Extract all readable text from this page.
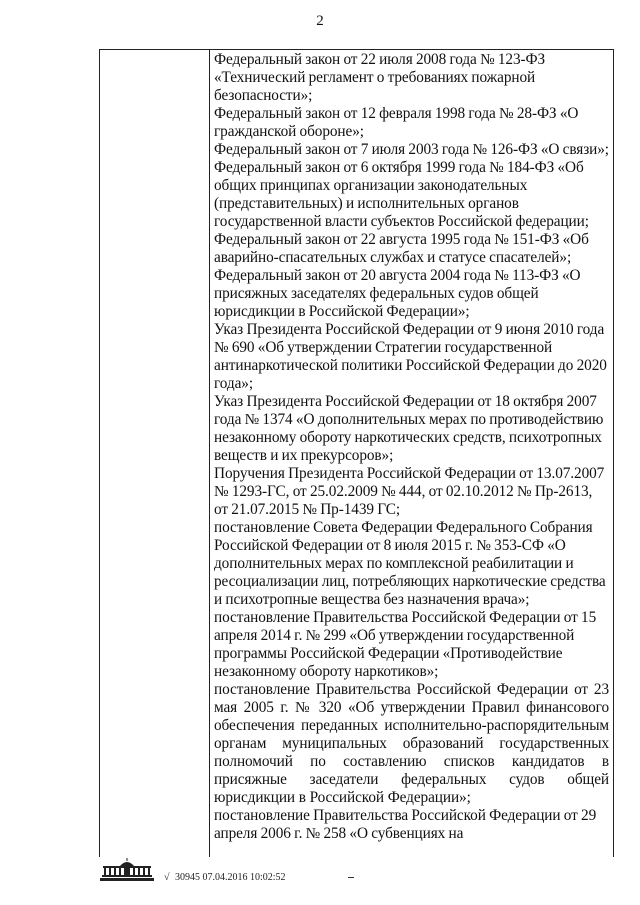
2

Федеральный закон от 22 июля 2008 года № 123-ФЗ «Технический регламент о требованиях пожарной безопасности»;

Федеральный закон от 12 февраля 1998 года № 28-ФЗ «О гражданской обороне»;

Федеральный закон от 7 июля 2003 года № 126-ФЗ «О связи»;

Федеральный закон от 6 октября 1999 года № 184-ФЗ «Об общих принципах организации законодательных (представительных) и исполнительных органов государственной власти субъектов Российской федерации;

Федеральный закон от 22 августа 1995 года № 151-ФЗ «Об аварийно-спасательных службах и статусе спасателей»;

Федеральный закон от 20 августа 2004 года № 113-ФЗ «О присяжных заседателях федеральных судов общей юрисдикции в Российской Федерации»;

Указ Президента Российской Федерации от 9 июня 2010 года № 690 «Об утверждении Стратегии государственной антинаркотической политики Российской Федерации до 2020 года»;

Указ Президента Российской Федерации от 18 октября 2007 года № 1374 «О дополнительных мерах по противодействию незаконному обороту наркотических средств, психотропных веществ и их прекурсоров»;

Поручения Президента Российской Федерации от 13.07.2007 № 1293-ГС, от 25.02.2009 № 444, от 02.10.2012 № Пр-2613, от 21.07.2015 № Пр-1439 ГС;

постановление Совета Федерации Федерального Собрания Российской Федерации от 8 июля 2015 г. № 353-СФ «О дополнительных мерах по комплексной реабилитации и ресоциализации лиц, потребляющих наркотические средства и психотропные вещества без назначения врача»;

постановление Правительства Российской Федерации от 15 апреля 2014 г. № 299 «Об утверждении государственной программы Российской Федерации «Противодействие незаконному обороту наркотиков»;

постановление Правительства Российской Федерации от 23 мая 2005 г. № 320 «Об утверждении Правил финансового обеспечения переданных исполнительно-распорядительным органам муниципальных образований государственных полномочий по составлению списков кандидатов в присяжные заседатели федеральных судов общей юрисдикции в Российской Федерации»;

постановление Правительства Российской Федерации от 29 апреля 2006 г. № 258 «О субвенциях на

√ 30945 07.04.2016 10:02:52
